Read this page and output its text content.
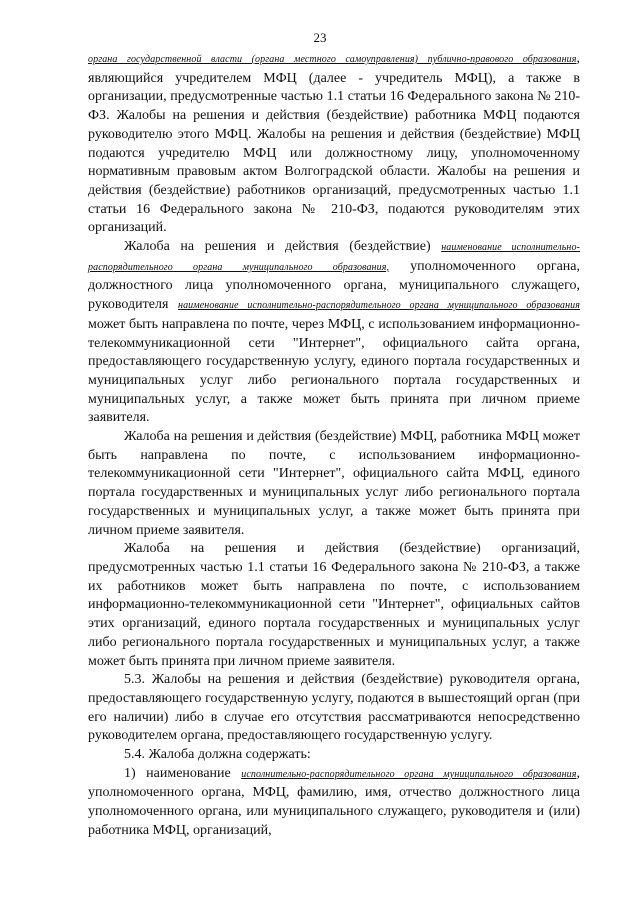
23

органа государственной власти (органа местного самоуправления) публично-правового образования, являющийся учредителем МФЦ (далее - учредитель МФЦ), а также в организации, предусмотренные частью 1.1 статьи 16 Федерального закона № 210-ФЗ. Жалобы на решения и действия (бездействие) работника МФЦ подаются руководителю этого МФЦ. Жалобы на решения и действия (бездействие) МФЦ подаются учредителю МФЦ или должностному лицу, уполномоченному нормативным правовым актом Волгоградской области. Жалобы на решения и действия (бездействие) работников организаций, предусмотренных частью 1.1 статьи 16 Федерального закона № 210-ФЗ, подаются руководителям этих организаций.

Жалоба на решения и действия (бездействие) наименование исполнительно-распорядительного органа муниципального образования, уполномоченного органа, должностного лица уполномоченного органа, муниципального служащего, руководителя наименование исполнительно-распорядительного органа муниципального образования может быть направлена по почте, через МФЦ, с использованием информационно-телекоммуникационной сети "Интернет", официального сайта органа, предоставляющего государственную услугу, единого портала государственных и муниципальных услуг либо регионального портала государственных и муниципальных услуг, а также может быть принята при личном приеме заявителя.

Жалоба на решения и действия (бездействие) МФЦ, работника МФЦ может быть направлена по почте, с использованием информационно-телекоммуникационной сети "Интернет", официального сайта МФЦ, единого портала государственных и муниципальных услуг либо регионального портала государственных и муниципальных услуг, а также может быть принята при личном приеме заявителя.

Жалоба на решения и действия (бездействие) организаций, предусмотренных частью 1.1 статьи 16 Федерального закона № 210-ФЗ, а также их работников может быть направлена по почте, с использованием информационно-телекоммуникационной сети "Интернет", официальных сайтов этих организаций, единого портала государственных и муниципальных услуг либо регионального портала государственных и муниципальных услуг, а также может быть принята при личном приеме заявителя.

5.3. Жалобы на решения и действия (бездействие) руководителя органа, предоставляющего государственную услугу, подаются в вышестоящий орган (при его наличии) либо в случае его отсутствия рассматриваются непосредственно руководителем органа, предоставляющего государственную услугу.

5.4. Жалоба должна содержать:

1) наименование исполнительно-распорядительного органа муниципального образования, уполномоченного органа, МФЦ, фамилию, имя, отчество должностного лица уполномоченного органа, или муниципального служащего, руководителя и (или) работника МФЦ, организаций,
